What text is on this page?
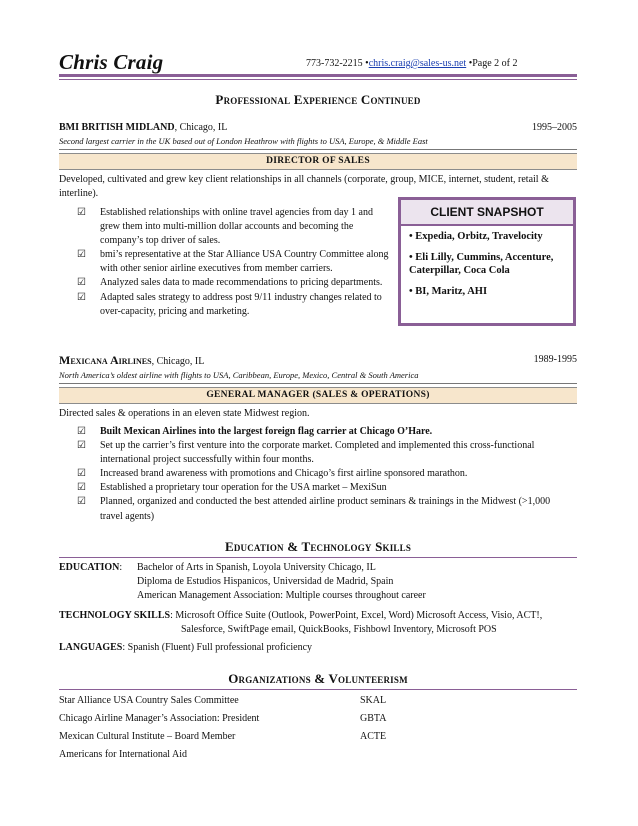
Chris Craig	773-732-2215 •chris.craig@sales-us.net •Page 2 of 2
Professional Experience Continued
BMI BRITISH MIDLAND, Chicago, IL	1995–2005
Second largest carrier in the UK based out of London Heathrow with flights to USA, Europe, & Middle East
DIRECTOR OF SALES
Developed, cultivated and grew key client relationships in all channels (corporate, group, MICE, internet, student, retail & interline).
☑ Established relationships with online travel agencies from day 1 and grew them into multi-million dollar accounts and becoming the company’s top driver of sales.
☑ bmi’s representative at the Star Alliance USA Country Committee along with other senior airline executives from member carriers.
☑ Analyzed sales data to made recommendations to pricing departments.
☑ Adapted sales strategy to address post 9/11 industry changes related to over-capacity, pricing and marketing.
CLIENT SNAPSHOT
• Expedia, Orbitz, Travelocity
• Eli Lilly, Cummins, Accenture, Caterpillar, Coca Cola
• BI, Maritz, AHI
Mexicana Airlines, Chicago, IL	1989-1995
North America’s oldest airline with flights to USA, Caribbean, Europe, Mexico, Central & South America
GENERAL MANAGER (SALES & OPERATIONS)
Directed sales & operations in an eleven state Midwest region.
☑ Built Mexican Airlines into the largest foreign flag carrier at Chicago O’Hare.
☑ Set up the carrier’s first venture into the corporate market. Completed and implemented this cross-functional international project successfully within four months.
☑ Increased brand awareness with promotions and Chicago’s first airline sponsored marathon.
☑ Established a proprietary tour operation for the USA market – MexiSun
☑ Planned, organized and conducted the best attended airline product seminars & trainings in the Midwest (>1,000 travel agents)
Education & Technology Skills
EDUCATION: Bachelor of Arts in Spanish, Loyola University Chicago, IL
Diploma de Estudios Hispanicos, Universidad de Madrid, Spain
American Management Association: Multiple courses throughout career
TECHNOLOGY SKILLS: Microsoft Office Suite (Outlook, PowerPoint, Excel, Word) Microsoft Access, Visio, ACT!,
Salesforce, SwiftPage email, QuickBooks, Fishbowl Inventory, Microsoft POS
LANGUAGES: Spanish (Fluent) Full professional proficiency
Organizations & Volunteerism
Star Alliance USA Country Sales Committee	SKAL
Chicago Airline Manager’s Association: President	GBTA
Mexican Cultural Institute – Board Member	ACTE
Americans for International Aid
